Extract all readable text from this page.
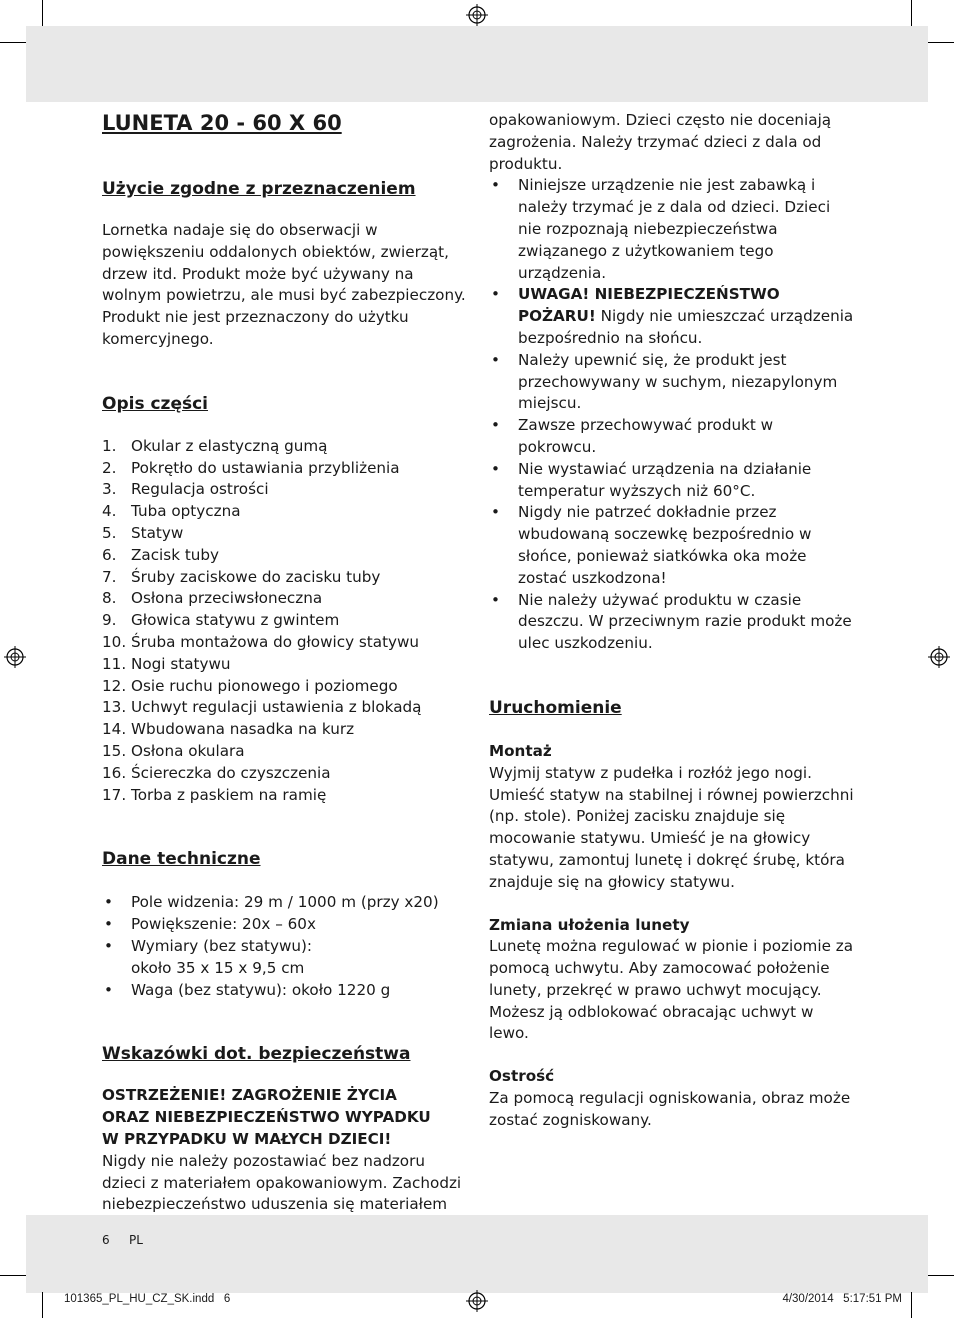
LUNETA 20 - 60 X 60
Użycie zgodne z przeznaczeniem

Lornetka nadaje się do obserwacji w powiększeniu oddalonych obiektów, zwierząt, drzew itd. Produkt może być używany na wolnym powietrzu, ale musi być zabezpieczony. Produkt nie jest przeznaczony do użytku komercyjnego.

Opis części
1. Okular z elastyczną gumą
2. Pokrętło do ustawiania przybliżenia
3. Regulacja ostrości
4. Tuba optyczna
5. Statyw
6. Zacisk tuby
7. Śruby zaciskowe do zacisku tuby
8. Osłona przeciwsłoneczna
9. Głowica statywu z gwintem
10. Śruba montażowa do głowicy statywu
11. Nogi statywu
12. Osie ruchu pionowego i poziomego
13. Uchwyt regulacji ustawienia z blokadą
14. Wbudowana nasadka na kurz
15. Osłona okulara
16. Ściereczka do czyszczenia
17. Torba z paskiem na ramię
Dane techniczne
•	Pole widzenia: 29 m / 1000 m (przy x20)
•	Powiększenie: 20x – 60x
•	Wymiary (bez statywu):
około 35 x 15 x 9,5 cm
•	Waga (bez statywu): około 1220 g
Wskazówki dot. bezpieczeństwa

OSTRZEŻENIE! ZAGROŻENIE ŻYCIA

ORAZ NIEBEZPIECZEŃSTWO WYPADKU

W PRZYPADKU W MAŁYCH DZIECI!

Nigdy nie należy pozostawiać bez nadzoru dzieci z materiałem opakowaniowym. Zachodzi niebezpieczeństwo uduszenia się materiałem

opakowaniowym. Dzieci często nie doceniają zagrożenia. Należy trzymać dzieci z dala od produktu.

•	Niniejsze urządzenie nie jest zabawką i należy trzymać je z dala od dzieci. Dzieci nie rozpoznają niebezpieczeństwa związanego z użytkowaniem tego urządzenia.
•	UWAGA! NIEBEZPIECZEŃSTWO POŻARU! Nigdy nie umieszczać urządzenia bezpośrednio na słońcu.
•	Należy upewnić się, że produkt jest przechowywany w suchym, niezapylonym miejscu.
•	Zawsze przechowywać produkt w pokrowcu.
•	Nie wystawiać urządzenia na działanie temperatur wyższych niż 60°C.
•	Nigdy nie patrzeć dokładnie przez wbudowaną soczewkę bezpośrednio w słońce, ponieważ siatkówka oka może zostać uszkodzona!
•	Nie należy używać produktu w czasie deszczu. W przeciwnym razie produkt może ulec uszkodzeniu.
Uruchomienie

Montaż

Wyjmij statyw z pudełka i rozłóż jego nogi. Umieść statyw na stabilnej i równej powierzchni (np. stole). Poniżej zacisku znajduje się mocowanie statywu. Umieść je na głowicy statywu, zamontuj lunetę i dokręć śrubę, która znajduje się na głowicy statywu.

Zmiana ułożenia lunety

Lunetę można regulować w pionie i poziomie za pomocą uchwytu. Aby zamocować położenie lunety, przekręć w prawo uchwyt mocujący. Możesz ją odblokować obracając uchwyt w lewo.

Ostrość

Za pomocą regulacji ogniskowania, obraz może zostać zogniskowany.

6 PL
101365_PL_HU_CZ_SK.indd   6	4/30/2014   5:17:51 PM
